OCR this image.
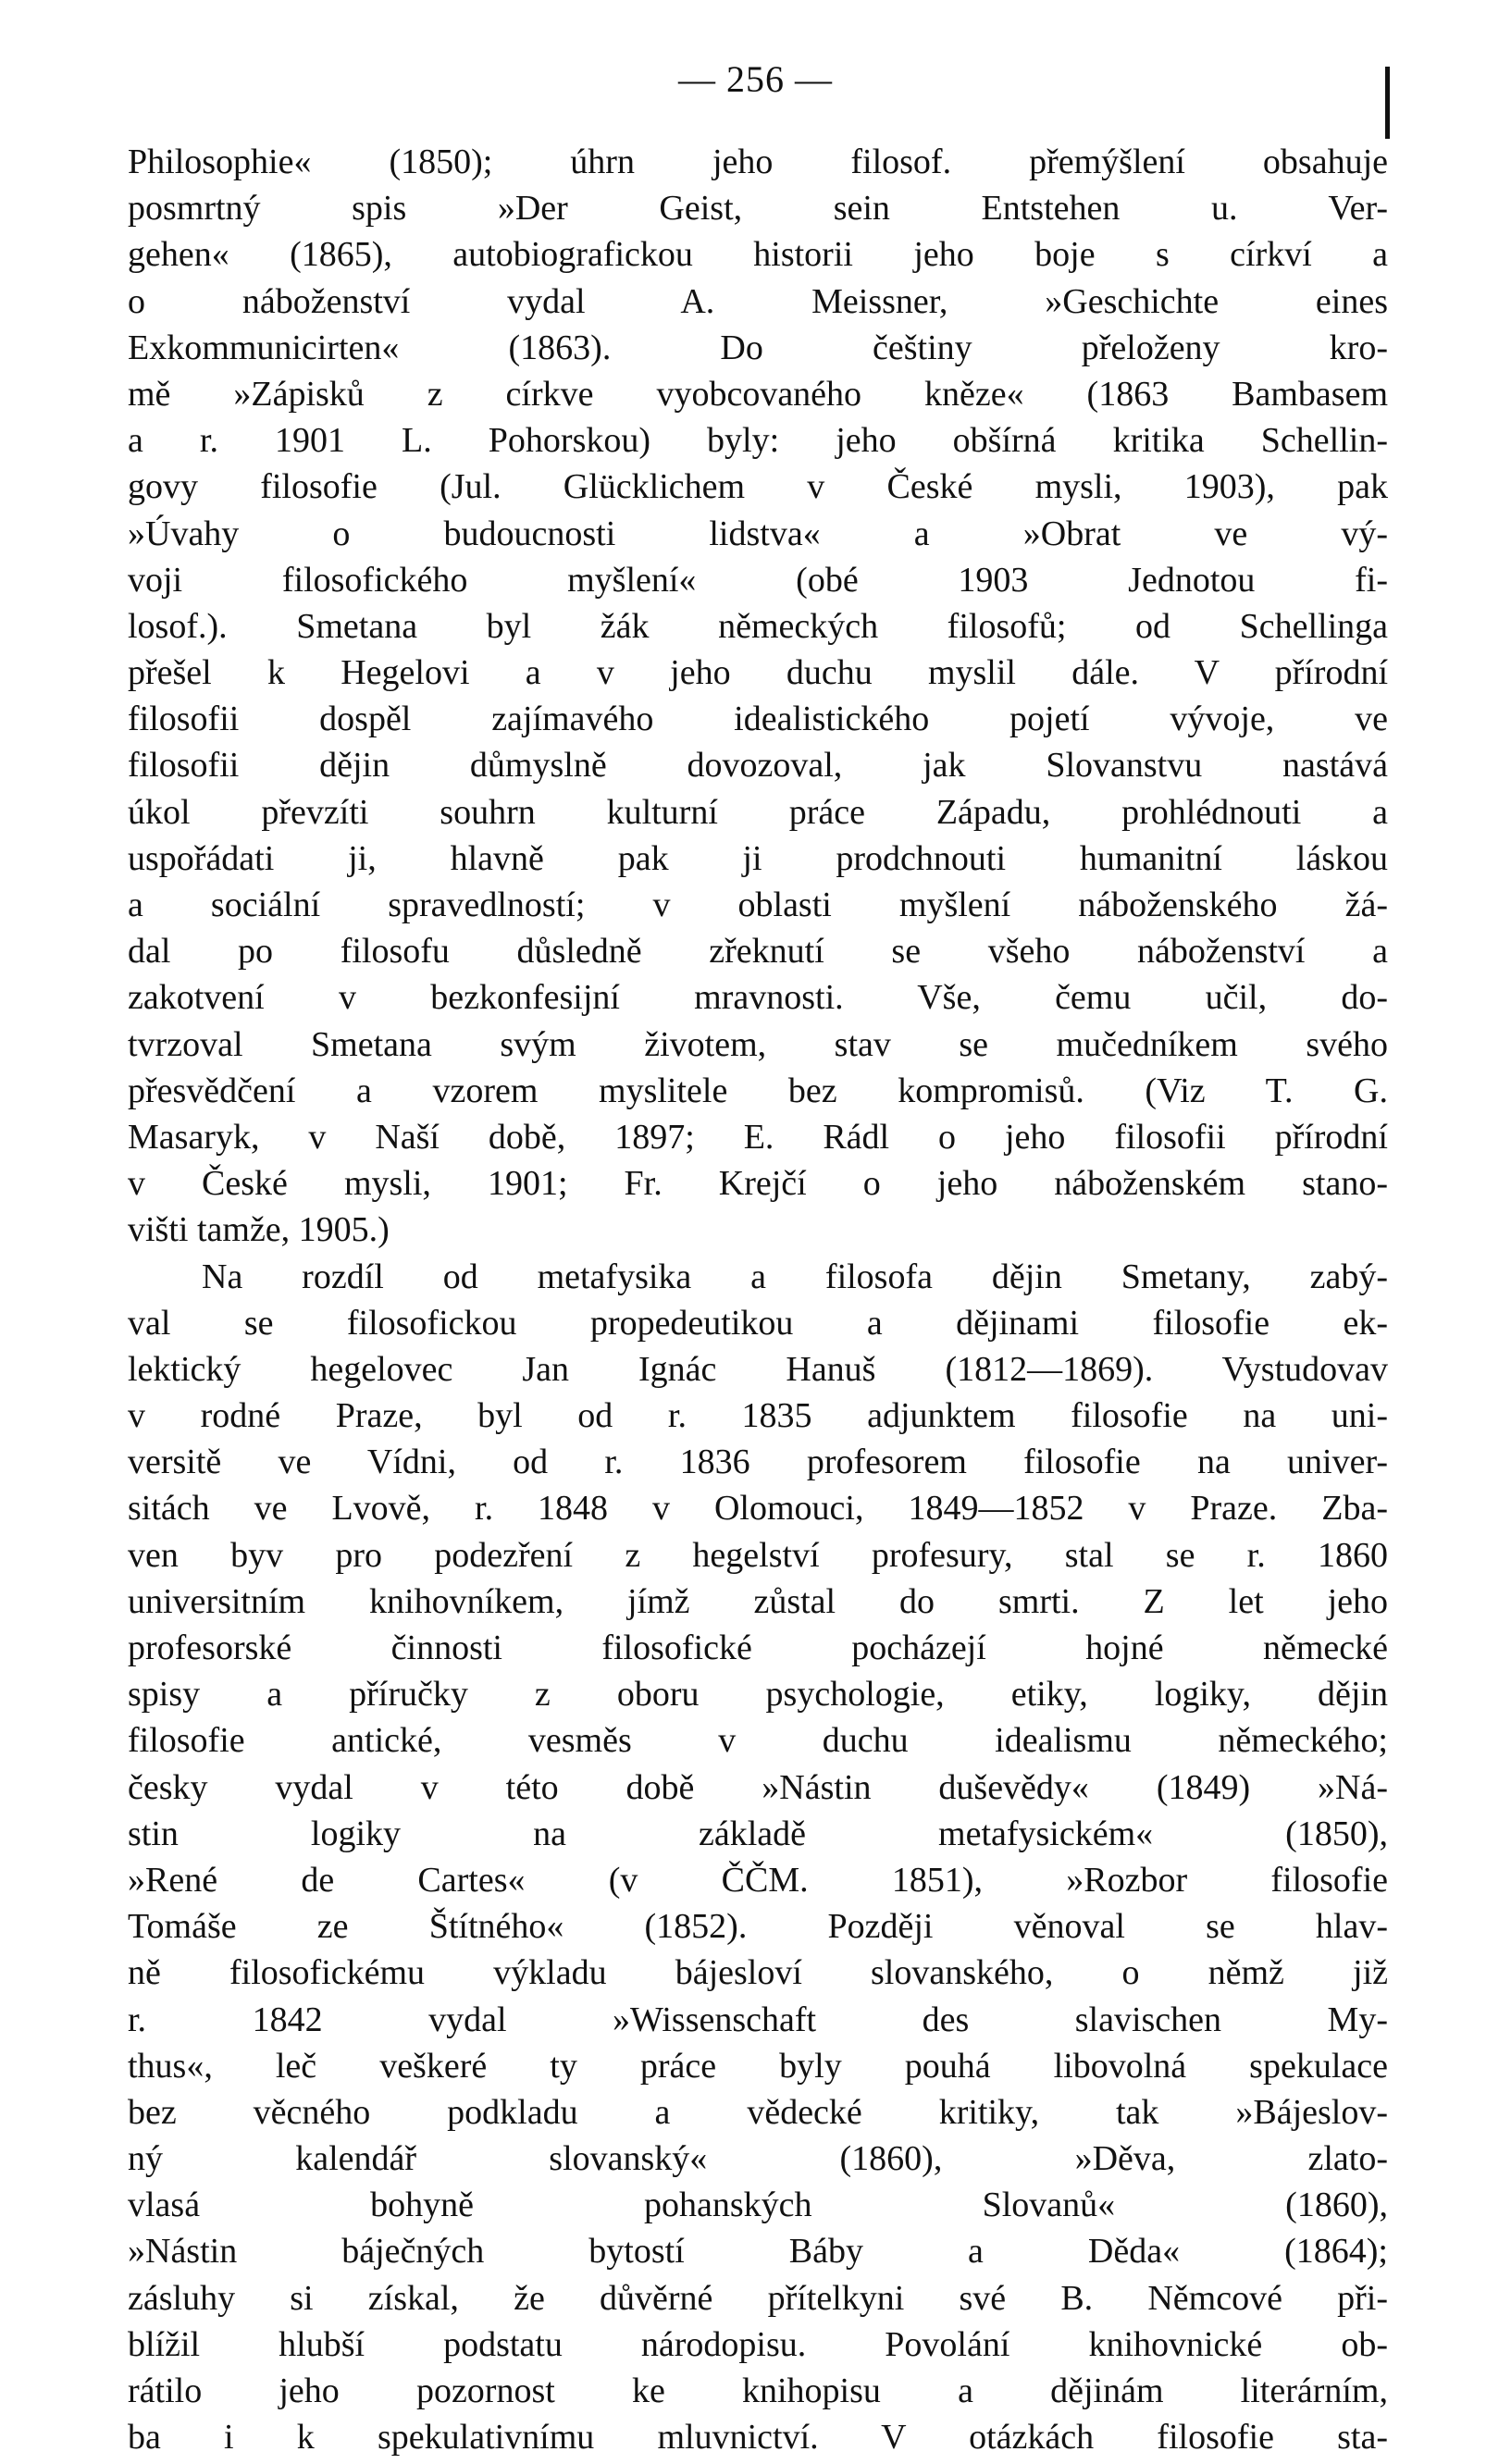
— 256 —
Philosophie« (1850); úhrn jeho filosof. přemýšlení obsahuje
posmrtný spis »Der Geist, sein Entstehen u. Ver-
gehen« (1865), autobiografickou historii jeho boje s církví a
o náboženství vydal A. Meissner, »Geschichte eines
Exkommunicirten« (1863). Do češtiny přeloženy kro-
mě »Zápisků z církve vyobcovaného kněze« (1863 Bambasem
a r. 1901 L. Pohorskou) byly: jeho obšírná kritika Schellin-
govy filosofie (Jul. Glücklichem v České mysli, 1903), pak
»Úvahy o budoucnosti lidstva« a »Obrat ve vý-
voji filosofického myšlení« (obé 1903 Jednotou fi-
losof.). Smetana byl žák německých filosofů; od Schellinga
přešel k Hegelovi a v jeho duchu myslil dále. V přírodní
filosofii dospěl zajímavého idealistického pojetí vývoje, ve
filosofii dějin důmyslně dovozoval, jak Slovanstvu nastává
úkol převzíti souhrn kulturní práce Západu, prohlédnouti a
uspořádati ji, hlavně pak ji prodchnouti humanitní láskou
a sociální spravedlností; v oblasti myšlení náboženského žá-
dal po filosofu důsledně zřeknutí se všeho náboženství a
zakotvení v bezkonfesijní mravnosti. Vše, čemu učil, do-
tvrzoval Smetana svým životem, stav se mučedníkem svého
přesvědčení a vzorem myslitele bez kompromisů. (Viz T. G.
Masaryk, v Naší době, 1897; E. Rádl o jeho filosofii přírodní
v České mysli, 1901; Fr. Krejčí o jeho náboženském stano-
višti tamže, 1905.)
Na rozdíl od metafysika a filosofa dějin Smetany, zabý-
val se filosofickou propedeutikou a dějinami filosofie ek-
lektický hegelovec Jan Ignác Hanuš (1812—1869). Vystudovav
v rodné Praze, byl od r. 1835 adjunktem filosofie na uni-
versitě ve Vídni, od r. 1836 profesorem filosofie na univer-
sitách ve Lvově, r. 1848 v Olomouci, 1849—1852 v Praze. Zba-
ven byv pro podezření z hegelství profesury, stal se r. 1860
universitním knihovníkem, jímž zůstal do smrti. Z let jeho
profesorské činnosti filosofické pocházejí hojné německé
spisy a příručky z oboru psychologie, etiky, logiky, dějin
filosofie antické, vesměs v duchu idealismu německého;
česky vydal v této době »Nástin duševědy« (1849) »Ná-
stin logiky na základě metafysickém« (1850),
»René de Cartes« (v ČČM. 1851), »Rozbor filosofie
Tomáše ze Štítného« (1852). Později věnoval se hlav-
ně filosofickému výkladu bájesloví slovanského, o němž již
r. 1842 vydal »Wissenschaft des slavischen My-
thus«, leč veškeré ty práce byly pouhá libovolná spekulace
bez věcného podkladu a vědecké kritiky, tak »Bájeslov-
ný kalendář slovanský« (1860), »Děva, zlato-
vlasá bohyně pohanských Slovanů« (1860),
»Nástin báječných bytostí Báby a Děda« (1864);
zásluhy si získal, že důvěrné přítelkyni své B. Němcové při-
blížil hlubší podstatu národopisu. Povolání knihovnické ob-
rátilo jeho pozornost ke knihopisu a dějinám literárním,
ba i k spekulativnímu mluvnictví. V otázkách filosofie sta-
